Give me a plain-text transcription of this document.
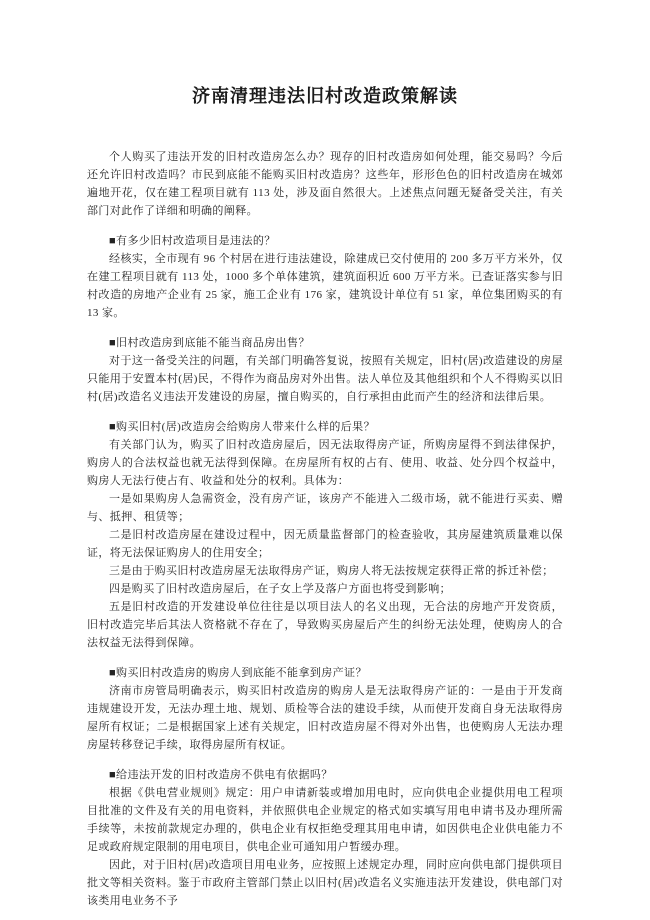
济南清理违法旧村改造政策解读

个人购买了违法开发的旧村改造房怎么办？现存的旧村改造房如何处理，能交易吗？今后还允许旧村改造吗？市民到底能不能购买旧村改造房？这些年，形形色色的旧村改造房在城郊遍地开花，仅在建工程项目就有 113 处，涉及面自然很大。上述焦点问题无疑备受关注，有关部门对此作了详细和明确的阐释。

■有多少旧村改造项目是违法的？

经核实，全市现有 96 个村居在进行违法建设，除建成已交付使用的 200 多万平方米外，仅在建工程项目就有 113 处，1000 多个单体建筑，建筑面积近 600 万平方米。已查证落实参与旧村改造的房地产企业有 25 家，施工企业有 176 家，建筑设计单位有 51 家，单位集团购买的有 13 家。

■旧村改造房到底能不能当商品房出售？

对于这一备受关注的问题，有关部门明确答复说，按照有关规定，旧村(居)改造建设的房屋只能用于安置本村(居)民，不得作为商品房对外出售。法人单位及其他组织和个人不得购买以旧村(居)改造名义违法开发建设的房屋，擅自购买的，自行承担由此而产生的经济和法律后果。

■购买旧村(居)改造房会给购房人带来什么样的后果？

有关部门认为，购买了旧村改造房屋后，因无法取得房产证，所购房屋得不到法律保护，购房人的合法权益也就无法得到保障。在房屋所有权的占有、使用、收益、处分四个权益中，购房人无法行使占有、收益和处分的权利。具体为：

一是如果购房人急需资金，没有房产证，该房产不能进入二级市场，就不能进行买卖、赠与、抵押、租赁等；

二是旧村改造房屋在建设过程中，因无质量监督部门的检查验收，其房屋建筑质量难以保证，将无法保证购房人的住用安全；

三是由于购买旧村改造房屋无法取得房产证，购房人将无法按规定获得正常的拆迁补偿；

四是购买了旧村改造房屋后，在子女上学及落户方面也将受到影响；

五是旧村改造的开发建设单位往往是以项目法人的名义出现，无合法的房地产开发资质，旧村改造完毕后其法人资格就不存在了，导致购买房屋后产生的纠纷无法处理，使购房人的合法权益无法得到保障。

■购买旧村改造房的购房人到底能不能拿到房产证？

济南市房管局明确表示，购买旧村改造房的购房人是无法取得房产证的：一是由于开发商违规建设开发，无法办理土地、规划、质检等合法的建设手续，从而使开发商自身无法取得房屋所有权证；二是根据国家上述有关规定，旧村改造房屋不得对外出售，也使购房人无法办理房屋转移登记手续，取得房屋所有权证。

■给违法开发的旧村改造房不供电有依据吗？

根据《供电营业规则》规定：用户申请新装或增加用电时，应向供电企业提供用电工程项目批准的文件及有关的用电资料，并依照供电企业规定的格式如实填写用电申请书及办理所需手续等，未按前款规定办理的，供电企业有权拒绝受理其用电申请，如因供电企业供电能力不足或政府规定限制的用电项目，供电企业可通知用户暂缓办理。

因此，对于旧村(居)改造项目用电业务，应按照上述规定办理，同时应向供电部门提供项目批文等相关资料。鉴于市政府主管部门禁止以旧村(居)改造名义实施违法开发建设，供电部门对该类用电业务不予
